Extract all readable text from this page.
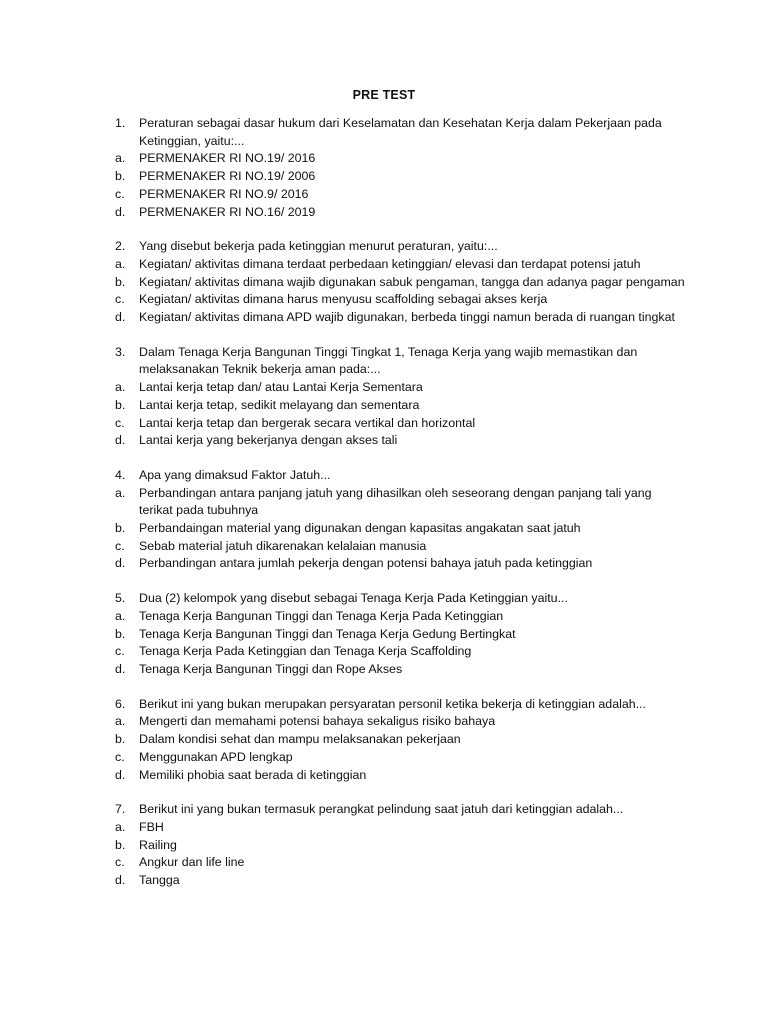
PRE TEST
1. Peraturan sebagai dasar hukum dari Keselamatan dan Kesehatan Kerja dalam Pekerjaan pada Ketinggian, yaitu:...
a. PERMENAKER RI NO.19/ 2016
b. PERMENAKER RI NO.19/ 2006
c. PERMENAKER RI NO.9/ 2016
d. PERMENAKER RI NO.16/ 2019
2. Yang disebut bekerja pada ketinggian menurut peraturan, yaitu:...
a. Kegiatan/ aktivitas dimana terdaat perbedaan ketinggian/ elevasi dan terdapat potensi jatuh
b. Kegiatan/ aktivitas dimana wajib digunakan sabuk pengaman, tangga dan adanya pagar pengaman
c. Kegiatan/ aktivitas dimana harus menyusu scaffolding sebagai akses kerja
d. Kegiatan/ aktivitas dimana APD wajib digunakan, berbeda tinggi namun berada di ruangan tingkat
3. Dalam Tenaga Kerja Bangunan Tinggi Tingkat 1, Tenaga Kerja yang wajib memastikan dan melaksanakan Teknik bekerja aman pada:...
a. Lantai kerja tetap dan/ atau Lantai Kerja Sementara
b. Lantai kerja tetap, sedikit melayang dan sementara
c. Lantai kerja tetap dan bergerak secara vertikal dan horizontal
d. Lantai kerja yang bekerjanya dengan akses tali
4. Apa yang dimaksud Faktor Jatuh...
a. Perbandingan antara panjang jatuh yang dihasilkan oleh seseorang dengan panjang tali yang terikat pada tubuhnya
b. Perbandaingan material yang digunakan dengan kapasitas angakatan saat jatuh
c. Sebab material jatuh dikarenakan kelalaian manusia
d. Perbandingan antara jumlah pekerja dengan potensi bahaya jatuh pada ketinggian
5. Dua (2) kelompok yang disebut sebagai Tenaga Kerja Pada Ketinggian yaitu...
a. Tenaga Kerja Bangunan Tinggi dan Tenaga Kerja Pada Ketinggian
b. Tenaga Kerja Bangunan Tinggi dan Tenaga Kerja Gedung Bertingkat
c. Tenaga Kerja Pada Ketinggian dan Tenaga Kerja Scaffolding
d. Tenaga Kerja Bangunan Tinggi dan Rope Akses
6. Berikut ini yang bukan merupakan persyaratan personil ketika bekerja di ketinggian adalah...
a. Mengerti dan memahami potensi bahaya sekaligus risiko bahaya
b. Dalam kondisi sehat dan mampu melaksanakan pekerjaan
c. Menggunakan APD lengkap
d. Memiliki phobia saat berada di ketinggian
7. Berikut ini yang bukan termasuk perangkat pelindung saat jatuh dari ketinggian adalah...
a. FBH
b. Railing
c. Angkur dan life line
d. Tangga
